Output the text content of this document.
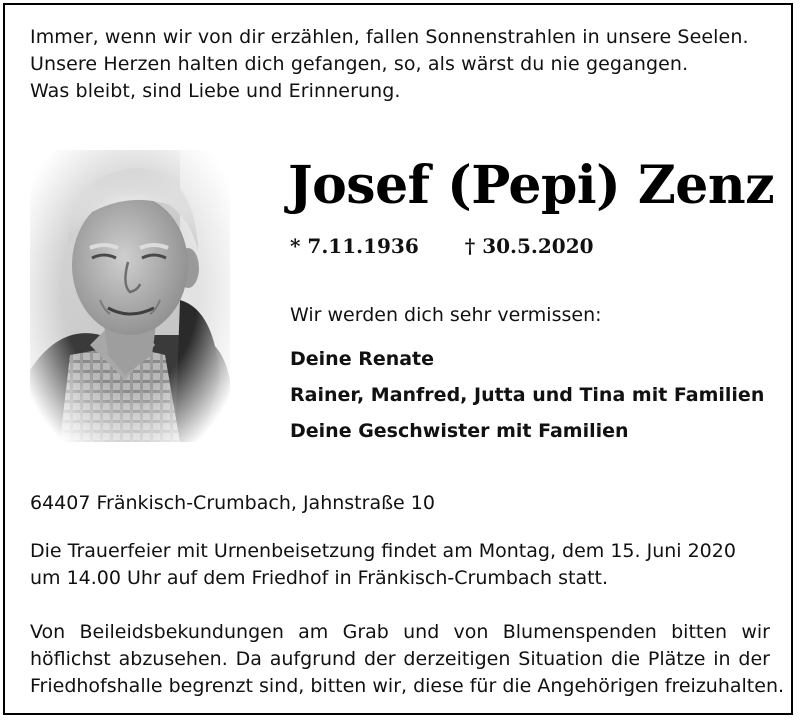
Immer, wenn wir von dir erzählen, fallen Sonnenstrahlen in unsere Seelen.
Unsere Herzen halten dich gefangen, so, als wärst du nie gegangen.
Was bleibt, sind Liebe und Erinnerung.
Josef (Pepi) Zenz
* 7.11.1936 † 30.5.2020
Wir werden dich sehr vermissen:
Deine Renate
Rainer, Manfred, Jutta und Tina mit Familien
Deine Geschwister mit Familien
64407 Fränkisch-Crumbach, Jahnstraße 10
Die Trauerfeier mit Urnenbeisetzung findet am Montag, dem 15. Juni 2020
um 14.00 Uhr auf dem Friedhof in Fränkisch-Crumbach statt.
Von Beileidsbekundungen am Grab und von Blumenspenden bitten wir
höflichst abzusehen. Da aufgrund der derzeitigen Situation die Plätze in der
Friedhofshalle begrenzt sind, bitten wir, diese für die Angehörigen freizuhalten.
